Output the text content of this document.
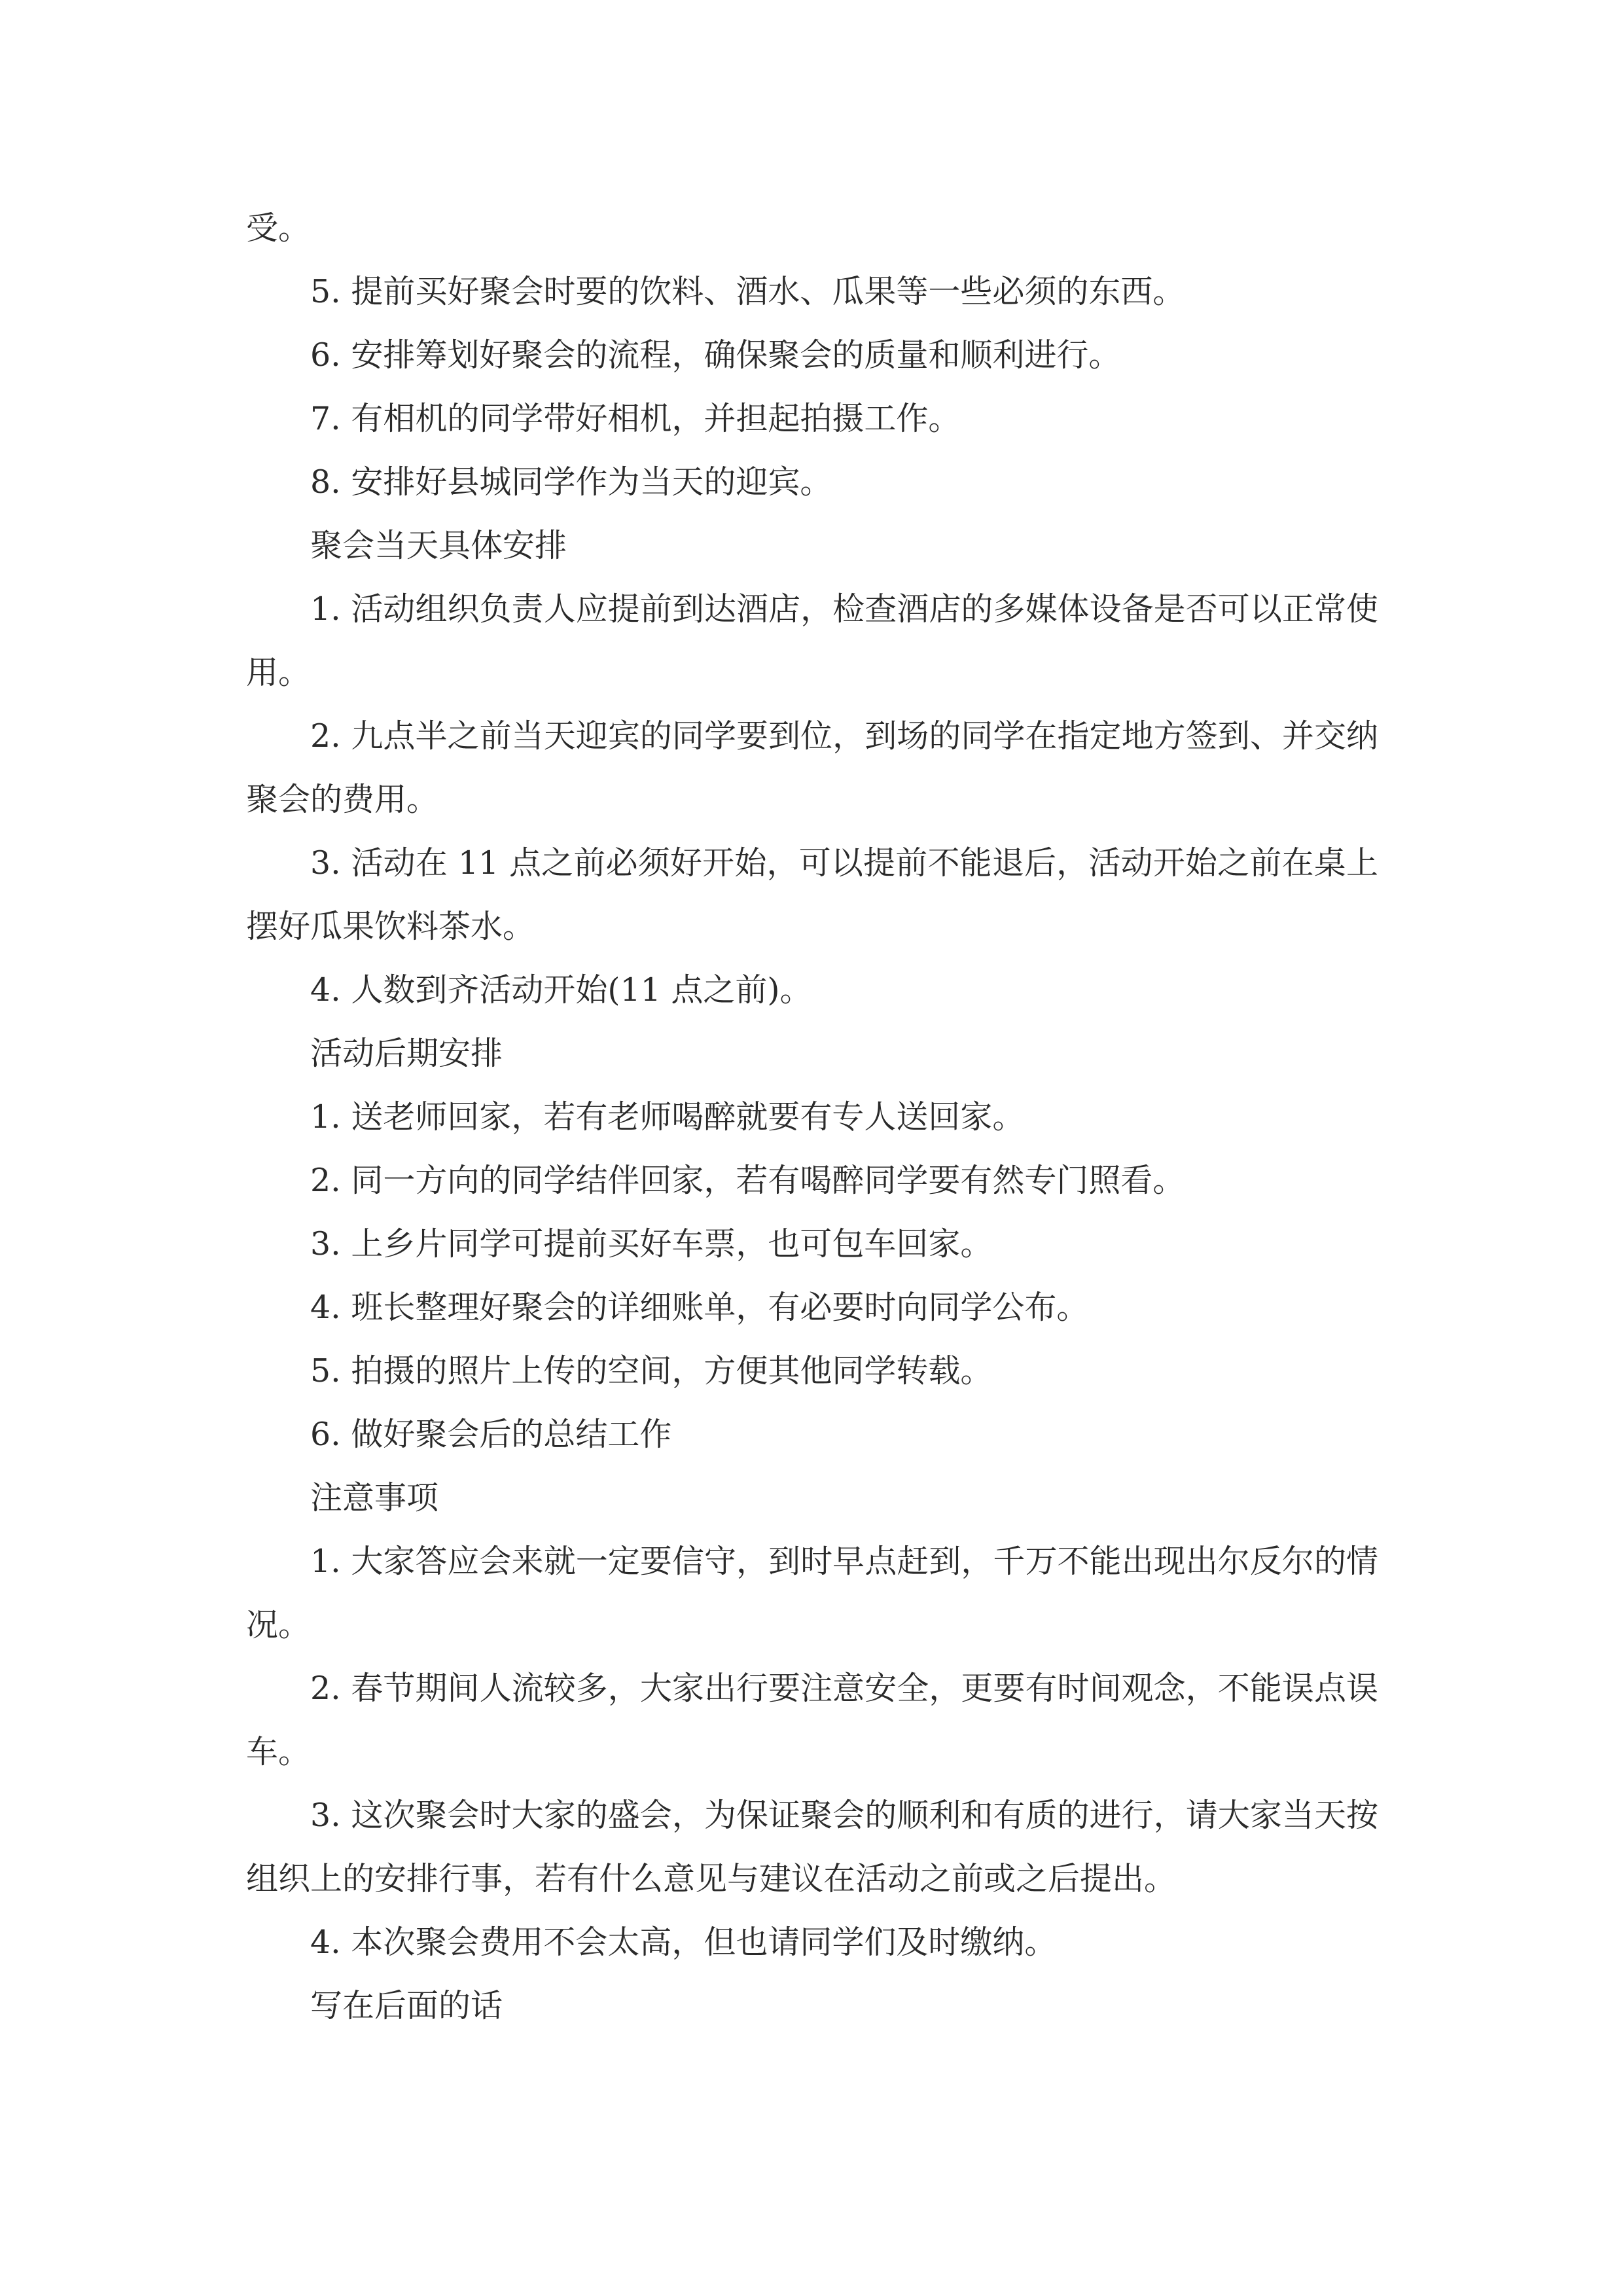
受。

5. 提前买好聚会时要的饮料、酒水、瓜果等一些必须的东西。

6. 安排筹划好聚会的流程，确保聚会的质量和顺利进行。

7. 有相机的同学带好相机，并担起拍摄工作。

8. 安排好县城同学作为当天的迎宾。

聚会当天具体安排

1. 活动组织负责人应提前到达酒店，检查酒店的多媒体设备是否可以正常使用。

2. 九点半之前当天迎宾的同学要到位，到场的同学在指定地方签到、并交纳聚会的费用。

3. 活动在 11 点之前必须好开始，可以提前不能退后，活动开始之前在桌上摆好瓜果饮料茶水。

4. 人数到齐活动开始(11 点之前)。

活动后期安排

1. 送老师回家，若有老师喝醉就要有专人送回家。

2. 同一方向的同学结伴回家，若有喝醉同学要有然专门照看。

3. 上乡片同学可提前买好车票，也可包车回家。

4. 班长整理好聚会的详细账单，有必要时向同学公布。

5. 拍摄的照片上传的空间，方便其他同学转载。

6. 做好聚会后的总结工作

注意事项

1. 大家答应会来就一定要信守，到时早点赶到，千万不能出现出尔反尔的情况。

2. 春节期间人流较多，大家出行要注意安全，更要有时间观念，不能误点误车。

3. 这次聚会时大家的盛会，为保证聚会的顺利和有质的进行，请大家当天按组织上的安排行事，若有什么意见与建议在活动之前或之后提出。

4. 本次聚会费用不会太高，但也请同学们及时缴纳。

写在后面的话
